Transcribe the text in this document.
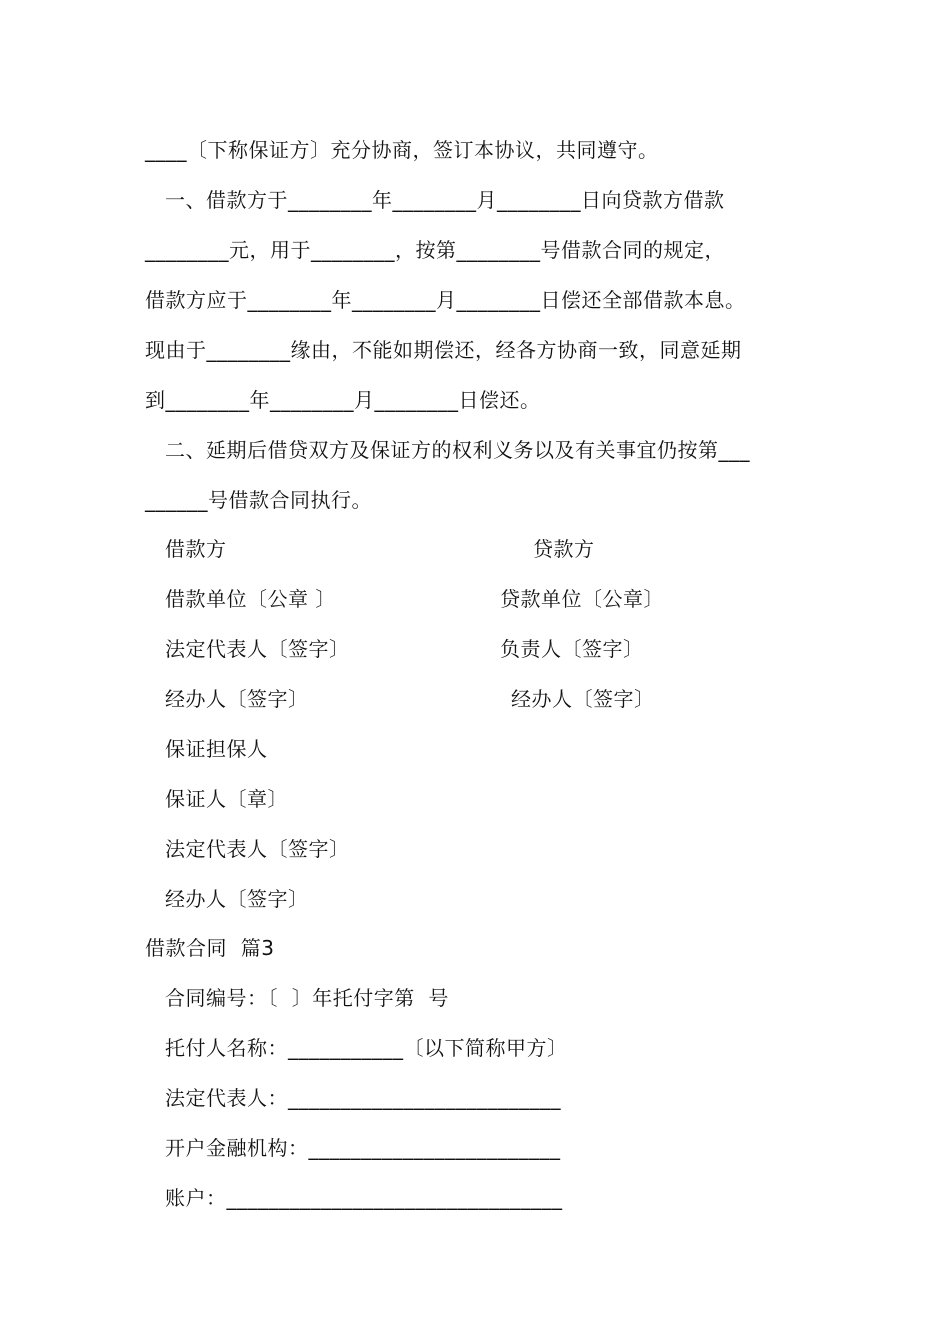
____〔下称保证方〕充分协商，签订本协议，共同遵守。
一、借款方于________年________月________日向贷款方借款
________元，用于________，按第________号借款合同的规定，
借款方应于________年________月________日偿还全部借款本息。
现由于________缘由，不能如期偿还，经各方协商一致，同意延期
到________年________月________日偿还。
二、延期后借贷双方及保证方的权利义务以及有关事宜仍按第___
______号借款合同执行。
借款方	贷款方
借款单位〔公章 〕	贷款单位〔公章〕
法定代表人〔签字〕	负责人〔签字〕
经办人〔签字〕	经办人〔签字〕
保证担保人
保证人〔章〕
法定代表人〔签字〕
经办人〔签字〕
借款合同  篇3
合同编号：〔  〕年托付字第  号
托付人名称：___________〔以下简称甲方〕
法定代表人：__________________________
开户金融机构：________________________
账户：________________________________
